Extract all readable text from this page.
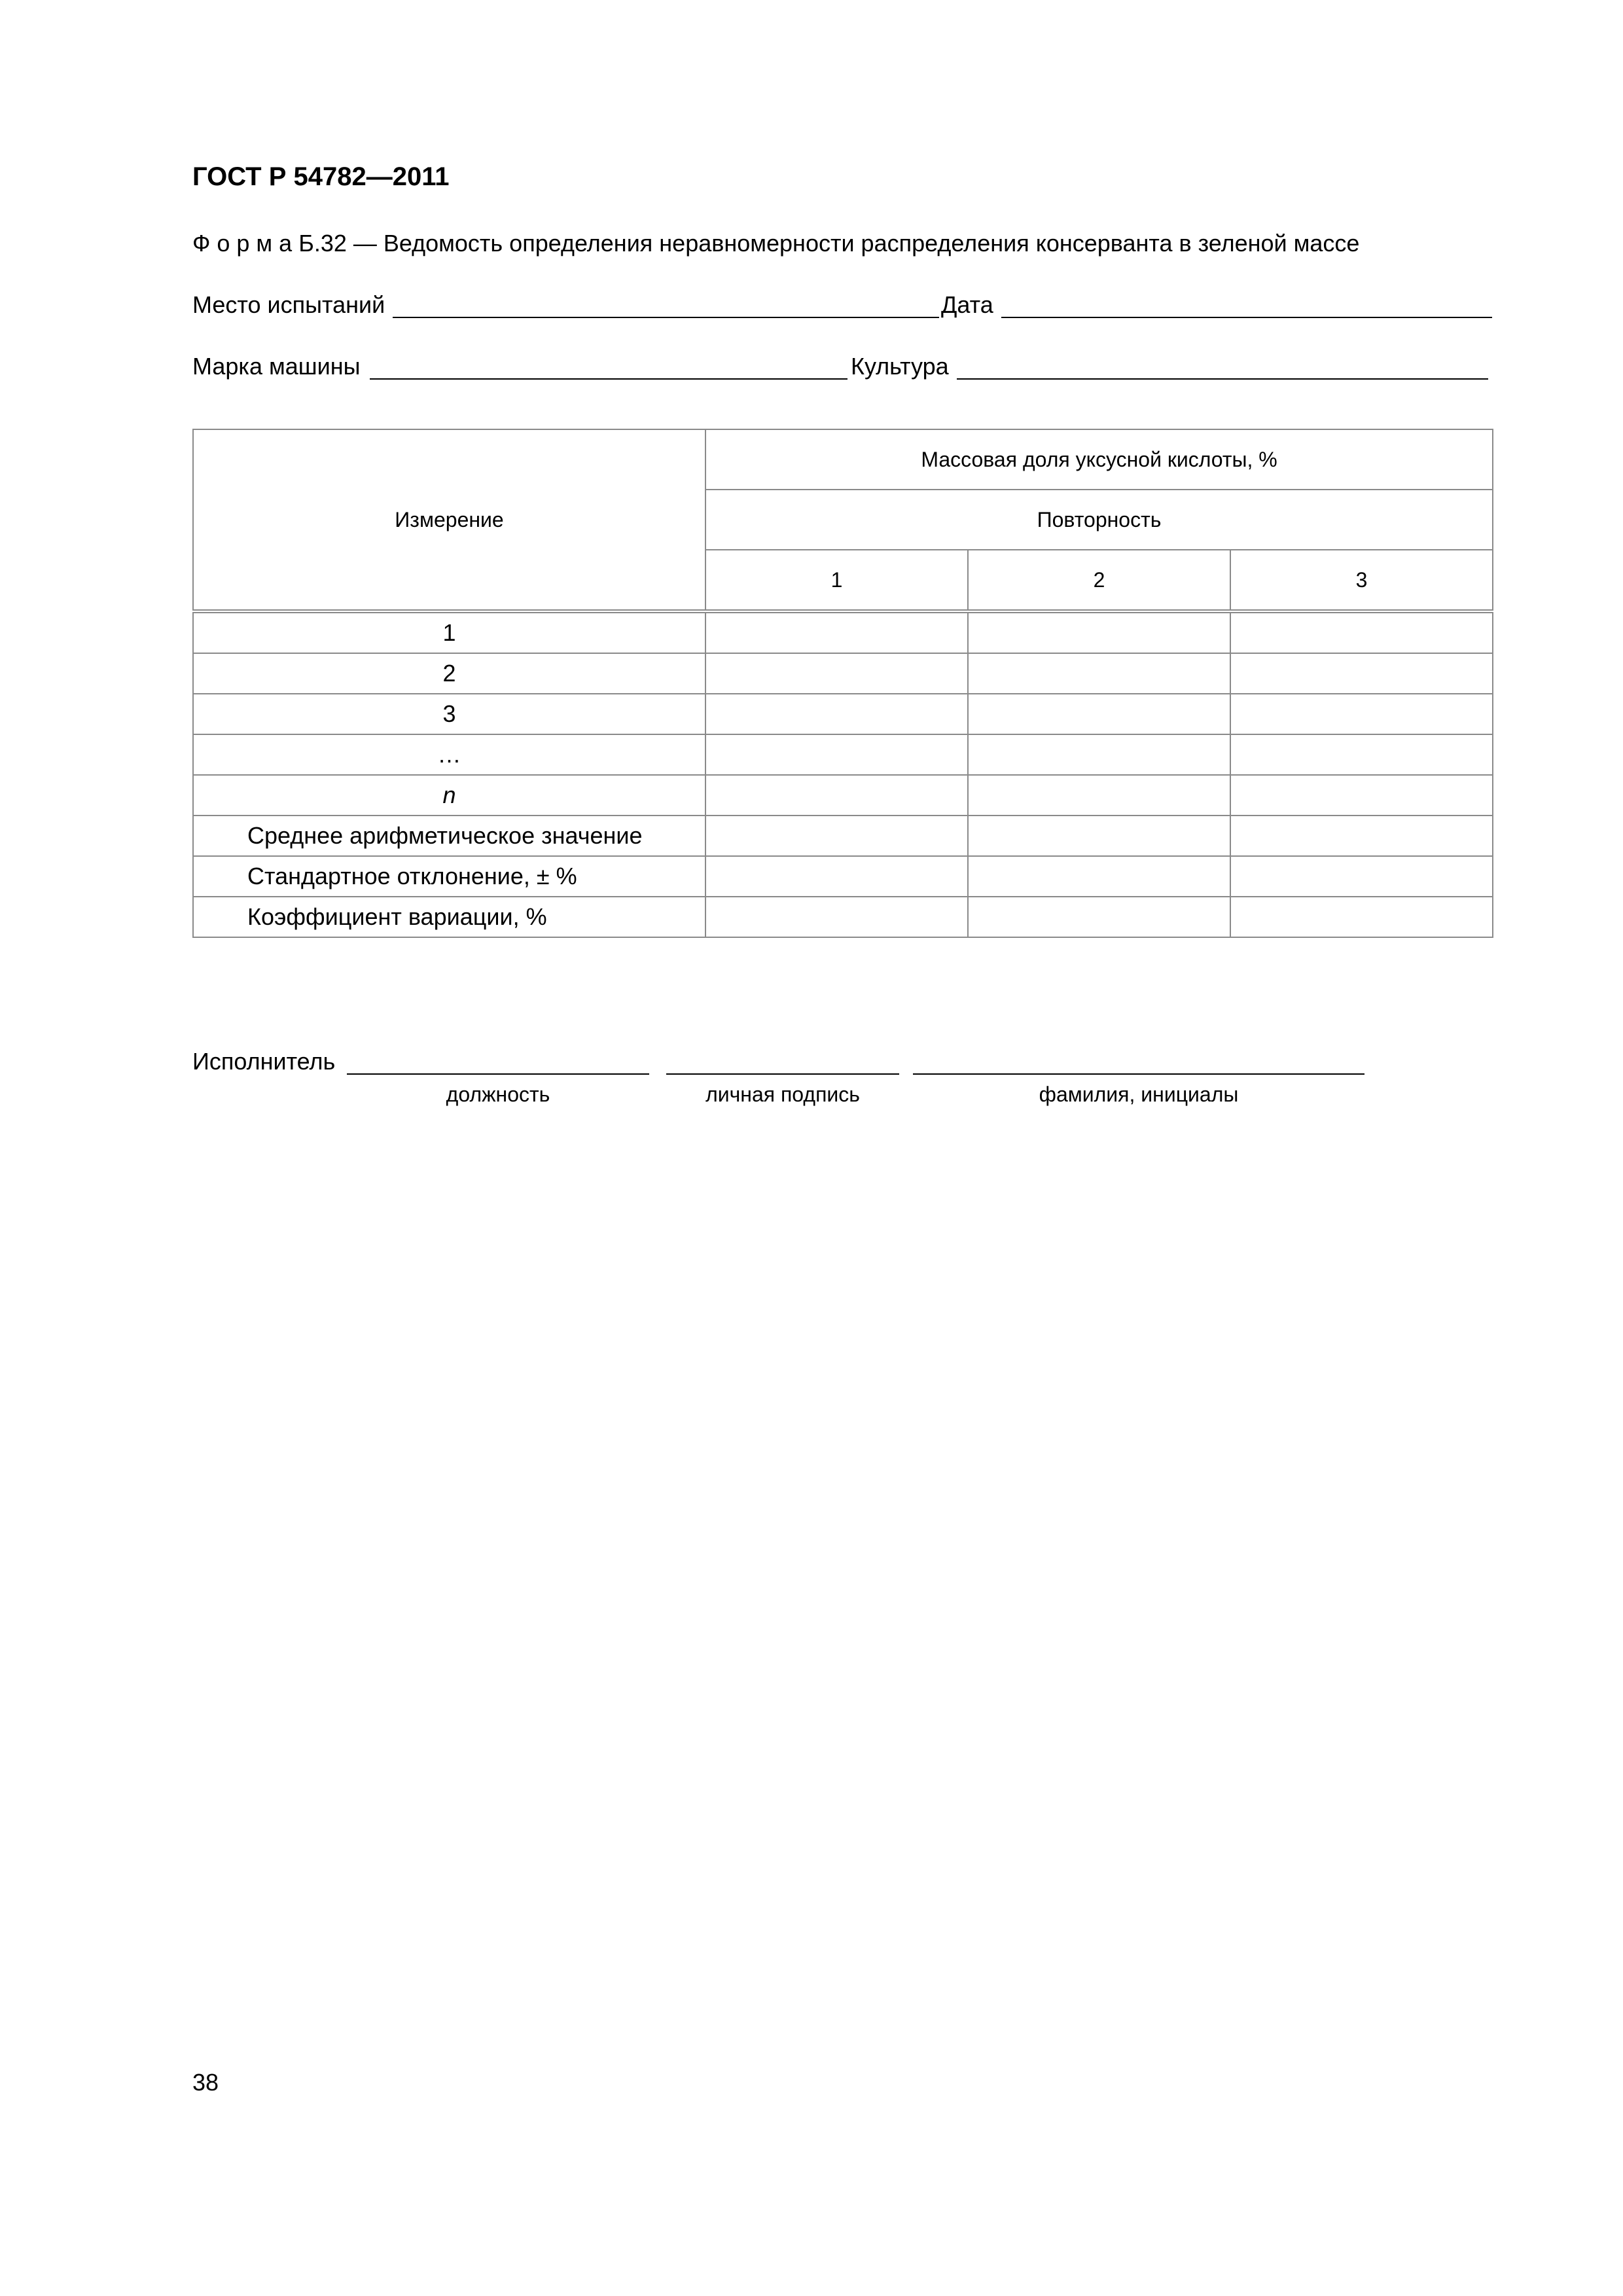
ГОСТ Р 54782—2011
Ф о р м а Б.32 — Ведомость определения неравномерности распределения консерванта в зеленой массе
Место испытаний	Дата
Марка машины	Культура
Измерение	Массовая доля уксусной кислоты, %		
	Повторность		
	1	2	3
1			
2			
3			
…			
n			
Среднее арифметическое значение			
Стандартное отклонение, ± %			
Коэффициент вариации, %			
Исполнитель
должность	личная подпись	фамилия, инициалы
38
